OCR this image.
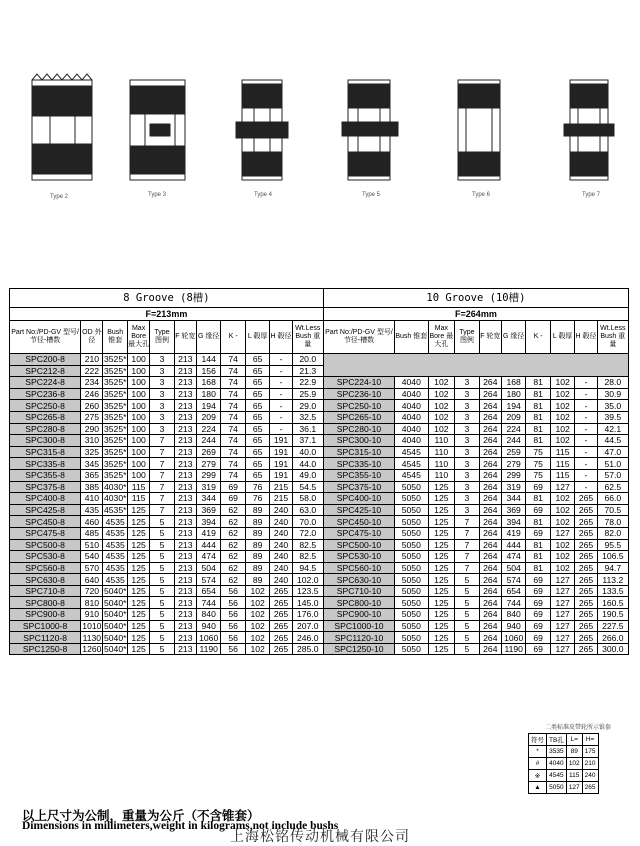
Type 2	Type 3	Type 4	Type 5	Type 6	Type 7
8 Groove (8槽)											10 Groove (10槽)									
F=213mm											F=264mm									
Part No:/PD-GV 型号/节径-槽数	OD 外径	Bush 锥套	Max Bore 最大孔	Type 图例	F 轮宽	G 缘径	K -	L 毂厚	H 毂径	Wt.Less Bush 重量	Part No:/PD-GV 型号/节径-槽数	Bush 锥套	Max Bore 最大孔	Type 图例	F 轮宽	G 缘径	K -	L 毂厚	H 毂径	Wt.Less Bush 重量
SPC200-8	210	3525*	100	3	213	144	74	65	-	20.0										
SPC212-8	222	3525*	100	3	213	156	74	65	-	21.3										
SPC224-8	234	3525*	100	3	213	168	74	65	-	22.9	SPC224-10	4040	102	3	264	168	81	102	-	28.0
SPC236-8	246	3525*	100	3	213	180	74	65	-	25.9	SPC236-10	4040	102	3	264	180	81	102	-	30.9
SPC250-8	260	3525*	100	3	213	194	74	65	-	29.0	SPC250-10	4040	102	3	264	194	81	102	-	35.0
SPC265-8	275	3525*	100	3	213	209	74	65	-	32.5	SPC265-10	4040	102	3	264	209	81	102	-	39.5
SPC280-8	290	3525*	100	3	213	224	74	65	-	36.1	SPC280-10	4040	102	3	264	224	81	102	-	42.1
SPC300-8	310	3525*	100	7	213	244	74	65	191	37.1	SPC300-10	4040	110	3	264	244	81	102	-	44.5
SPC315-8	325	3525*	100	7	213	269	74	65	191	40.0	SPC315-10	4545	110	3	264	259	75	115	-	47.0
SPC335-8	345	3525*	100	7	213	279	74	65	191	44.0	SPC335-10	4545	110	3	264	279	75	115	-	51.0
SPC355-8	365	3525*	100	7	213	299	74	65	191	49.0	SPC355-10	4545	110	3	264	299	75	115	-	57.0
SPC375-8	385	4030*	115	7	213	319	69	76	215	54.5	SPC375-10	5050	125	3	264	319	69	127	-	62.5
SPC400-8	410	4030*	115	7	213	344	69	76	215	58.0	SPC400-10	5050	125	3	264	344	81	102	265	66.0
SPC425-8	435	4535*	125	7	213	369	62	89	240	63.0	SPC425-10	5050	125	3	264	369	69	102	265	70.5
SPC450-8	460	4535	125	5	213	394	62	89	240	70.0	SPC450-10	5050	125	7	264	394	81	102	265	78.0
SPC475-8	485	4535	125	5	213	419	62	89	240	72.0	SPC475-10	5050	125	7	264	419	69	127	265	82.0
SPC500-8	510	4535	125	5	213	444	62	89	240	82.5	SPC500-10	5050	125	7	264	444	81	102	265	95.5
SPC530-8	540	4535	125	5	213	474	62	89	240	82.5	SPC530-10	5050	125	7	264	474	81	102	265	106.5
SPC560-8	570	4535	125	5	213	504	62	89	240	94.5	SPC560-10	5050	125	7	264	504	81	102	265	94.7
SPC630-8	640	4535	125	5	213	574	62	89	240	102.0	SPC630-10	5050	125	5	264	574	69	127	265	113.2
SPC710-8	720	5040*	125	5	213	654	56	102	265	123.5	SPC710-10	5050	125	5	264	654	69	127	265	133.5
SPC800-8	810	5040*	125	5	213	744	56	102	265	145.0	SPC800-10	5050	125	5	264	744	69	127	265	160.5
SPC900-8	910	5040*	125	5	213	840	56	102	265	176.0	SPC900-10	5050	125	5	264	840	69	127	265	190.5
SPC1000-8	1010	5040*	125	5	213	940	56	102	265	207.0	SPC1000-10	5050	125	5	264	940	69	127	265	227.5
SPC1120-8	1130	5040*	125	5	213	1060	56	102	265	246.0	SPC1120-10	5050	125	5	264	1060	69	127	265	266.0
SPC1250-8	1260	5040*	125	5	213	1190	56	102	265	285.0	SPC1250-10	5050	125	5	264	1190	69	127	265	300.0
二类标准皮带轮所示锥套
符号	TB孔	L=	H=
*	3535	89	175
#	4040	102	210
※	4545	115	240
▲	5050	127	265
以上尺寸为公制，重量为公斤（不含锥套）
Dimensions in millimeters,weight in kilograms,not include bushs
上海松铭传动机械有限公司
